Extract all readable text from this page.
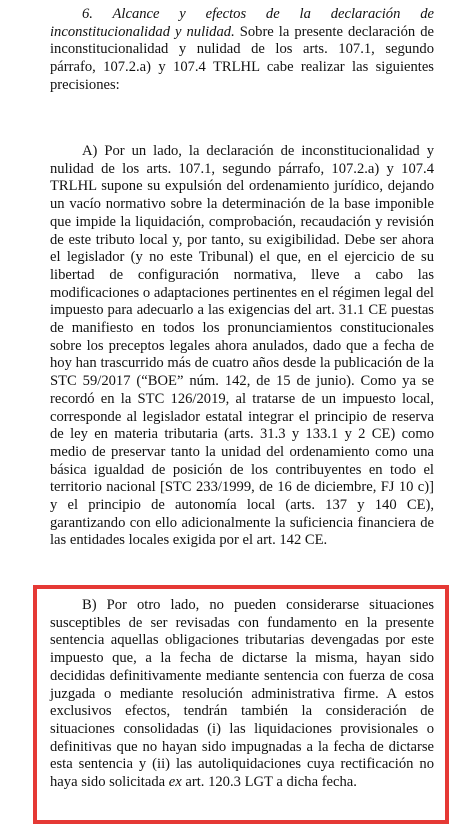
6. Alcance y efectos de la declaración de inconstitucionalidad y nulidad. Sobre la presente declaración de inconstitucionalidad y nulidad de los arts. 107.1, segundo párrafo, 107.2.a) y 107.4 TRLHL cabe realizar las siguientes precisiones:

A) Por un lado, la declaración de inconstitucionalidad y nulidad de los arts. 107.1, segundo párrafo, 107.2.a) y 107.4 TRLHL supone su expulsión del ordenamiento jurídico, dejando un vacío normativo sobre la determinación de la base imponible que impide la liquidación, comprobación, recaudación y revisión de este tributo local y, por tanto, su exigibilidad. Debe ser ahora el legislador (y no este Tribunal) el que, en el ejercicio de su libertad de configuración normativa, lleve a cabo las modificaciones o adaptaciones pertinentes en el régimen legal del impuesto para adecuarlo a las exigencias del art. 31.1 CE puestas de manifiesto en todos los pronunciamientos constitucionales sobre los preceptos legales ahora anulados, dado que a fecha de hoy han trascurrido más de cuatro años desde la publicación de la STC 59/2017 (“BOE” núm. 142, de 15 de junio). Como ya se recordó en la STC 126/2019, al tratarse de un impuesto local, corresponde al legislador estatal integrar el principio de reserva de ley en materia tributaria (arts. 31.3 y 133.1 y 2 CE) como medio de preservar tanto la unidad del ordenamiento como una básica igualdad de posición de los contribuyentes en todo el territorio nacional [STC 233/1999, de 16 de diciembre, FJ 10 c)] y el principio de autonomía local (arts. 137 y 140 CE), garantizando con ello adicionalmente la suficiencia financiera de las entidades locales exigida por el art. 142 CE.

B) Por otro lado, no pueden considerarse situaciones susceptibles de ser revisadas con fundamento en la presente sentencia aquellas obligaciones tributarias devengadas por este impuesto que, a la fecha de dictarse la misma, hayan sido decididas definitivamente mediante sentencia con fuerza de cosa juzgada o mediante resolución administrativa firme. A estos exclusivos efectos, tendrán también la consideración de situaciones consolidadas (i) las liquidaciones provisionales o definitivas que no hayan sido impugnadas a la fecha de dictarse esta sentencia y (ii) las autoliquidaciones cuya rectificación no haya sido solicitada ex art. 120.3 LGT a dicha fecha.
